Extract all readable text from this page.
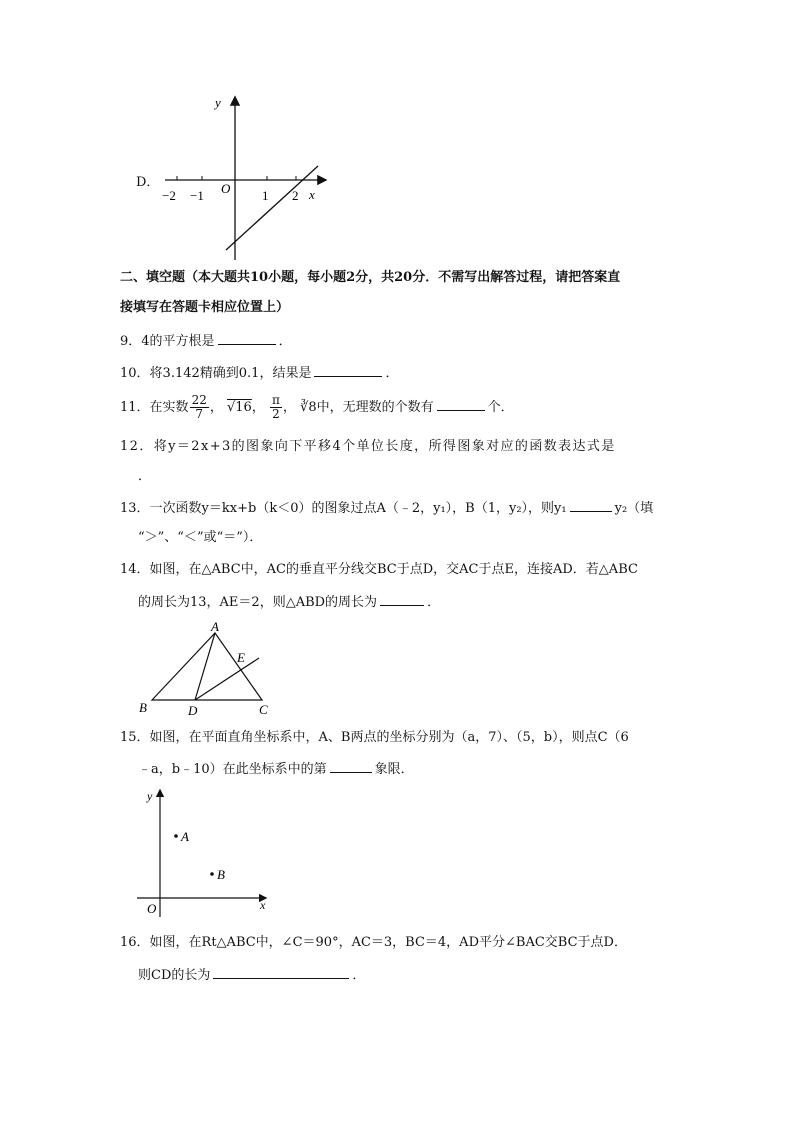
D．
y
x
O
−2 −1	1 2
二、填空题（本大题共10小题，每小题2分，共20分．不需写出解答过程，请把答案直
接填写在答题卡相应位置上）
9．4的平方根是	．
10．将3.142精确到0.1，结果是	．
11．在实数 $\frac{22}{7}$ ， √16， $\frac{\pi}{2}$ ， ∛8中，无理数的个数有	个．
12．将y＝2x+3的图象向下平移4个单位长度，所得图象对应的函数表达式是
．
13．一次函数y＝kx+b（k＜0）的图象过点A（﹣2，y₁），B（1，y₂），则y₁	y₂（填
“＞”、“＜”或“＝”）．
14．如图，在△ABC中，AC的垂直平分线交BC于点D，交AC于点E，连接AD．若△ABC
的周长为13，AE＝2，则△ABD的周长为	．
A
B	C
D
E
15．如图，在平面直角坐标系中，A、B两点的坐标分别为（a，7）、（5，b），则点C（6
﹣a，b﹣10）在此坐标系中的第	象限．
y
x
O
A
B
16．如图，在Rt△ABC中，∠C＝90°，AC＝3，BC＝4，AD平分∠BAC交BC于点D．
则CD的长为	．
